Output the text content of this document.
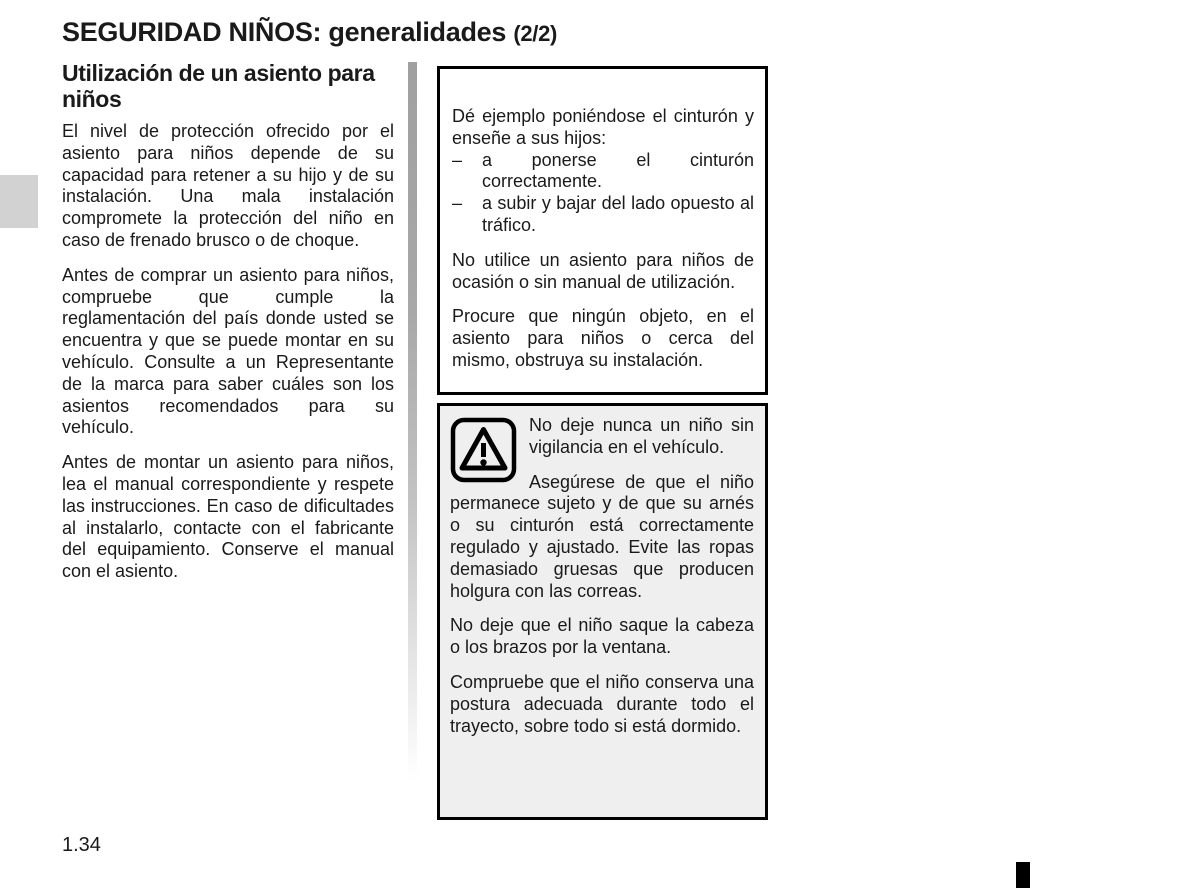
SEGURIDAD NIÑOS: generalidades (2/2)
Utilización de un asiento para niños

El nivel de protección ofrecido por el asiento para niños depende de su capacidad para retener a su hijo y de su instalación. Una mala instalación compromete la protección del niño en caso de frenado brusco o de choque.

Antes de comprar un asiento para niños, compruebe que cumple la reglamentación del país donde usted se encuentra y que se puede montar en su vehículo. Consulte a un Representante de la marca para saber cuáles son los asientos recomendados para su vehículo.

Antes de montar un asiento para niños, lea el manual correspondiente y respete las instrucciones. En caso de dificultades al instalarlo, contacte con el fabricante del equipamiento. Conserve el manual con el asiento.

Dé ejemplo poniéndose el cinturón y enseñe a sus hijos:

–	a ponerse el cinturón correctamente.
–	a subir y bajar del lado opuesto al tráfico.

No utilice un asiento para niños de ocasión o sin manual de utilización.

Procure que ningún objeto, en el asiento para niños o cerca del mismo, obstruya su instalación.

No deje nunca un niño sin vigilancia en el vehículo.

Asegúrese de que el niño permanece sujeto y de que su arnés o su cinturón está correctamente regulado y ajustado. Evite las ropas demasiado gruesas que producen holgura con las correas.

No deje que el niño saque la cabeza o los brazos por la ventana.

Compruebe que el niño conserva una postura adecuada durante todo el trayecto, sobre todo si está dormido.

1.34
